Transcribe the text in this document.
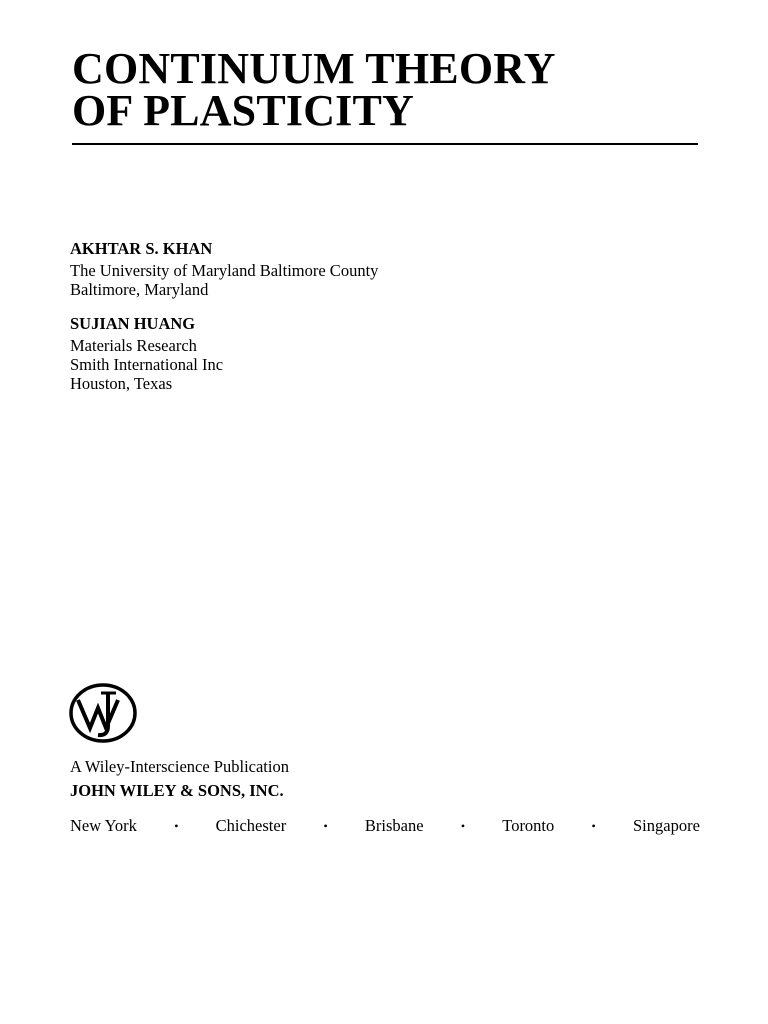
CONTINUUM THEORY
OF PLASTICITY

AKHTAR S. KHAN

The University of Maryland Baltimore County
Baltimore, Maryland

SUJIAN HUANG

Materials Research
Smith International Inc
Houston, Texas

A Wiley-Interscience Publication

JOHN WILEY & SONS, INC.

New York	• Chichester	• Brisbane	• Toronto	• Singapore
